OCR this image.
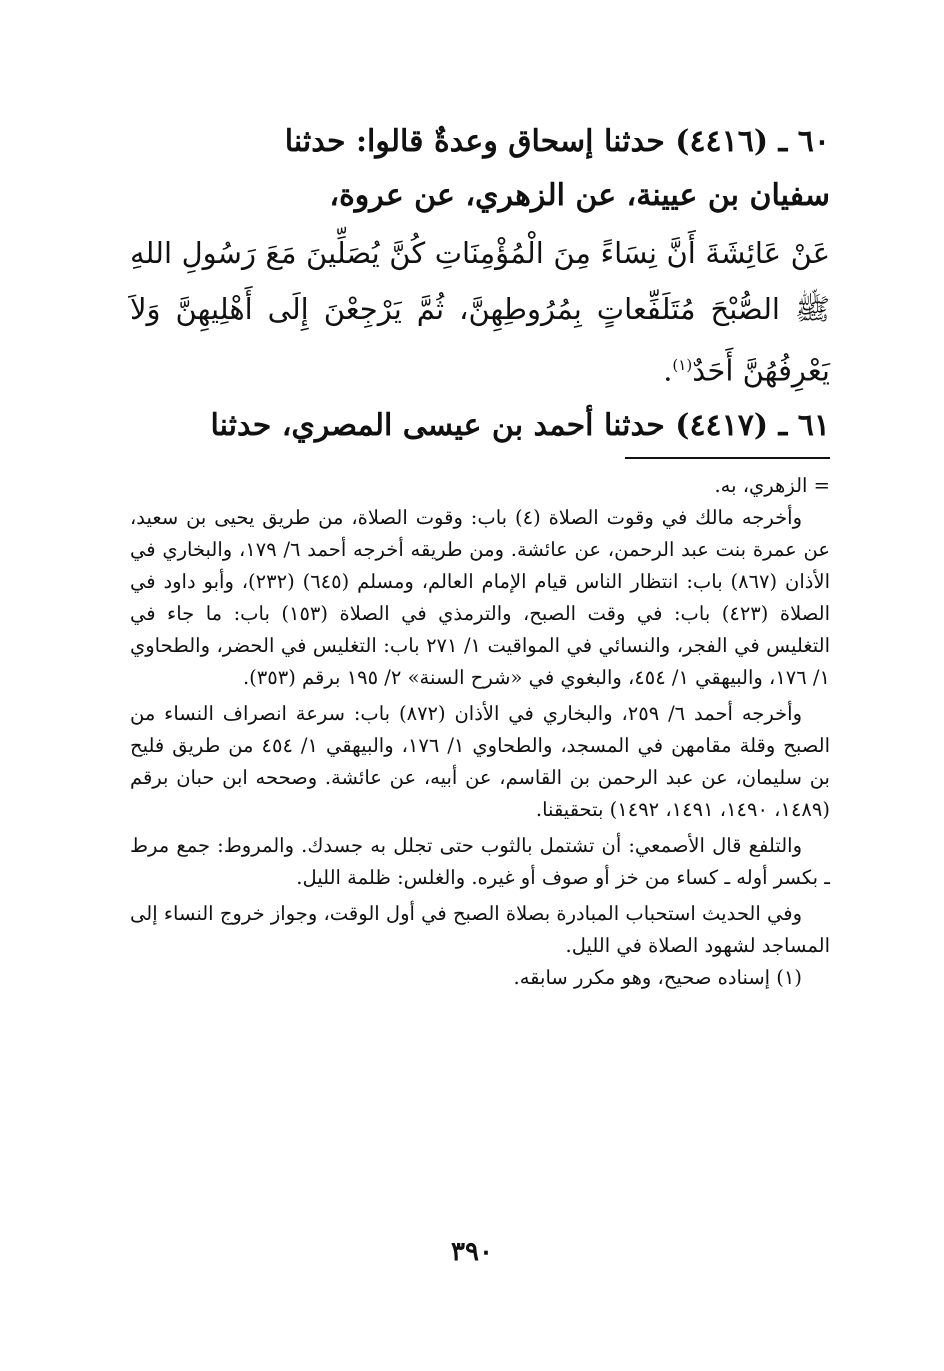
٦٠ ـ (٤٤١٦) حدثنا إسحاق وعدةٌ قالوا: حدثنا
سفيان بن عيينة، عن الزهري، عن عروة،
عَنْ عَائِشَةَ أَنَّ نِسَاءً مِنَ الْمُؤْمِنَاتِ كُنَّ يُصَلِّينَ مَعَ رَسُولِ اللهِ ﷺ الصُّبْحَ مُتَلَفِّعاتٍ بِمُرُوطِهِنَّ، ثُمَّ يَرْجِعْنَ إِلَى أَهْلِيهِنَّ وَلاَ يَعْرِفُهُنَّ أَحَدٌ$^{(١)}$.
٦١ ـ (٤٤١٧) حدثنا أحمد بن عيسى المصري، حدثنا

= الزهري، به.

وأخرجه مالك في وقوت الصلاة (٤) باب: وقوت الصلاة، من طريق يحيى بن سعيد، عن عمرة بنت عبد الرحمن، عن عائشة. ومن طريقه أخرجه أحمد ٦/ ١٧٩، والبخاري في الأذان (٨٦٧) باب: انتظار الناس قيام الإمام العالم، ومسلم (٦٤٥) (٢٣٢)، وأبو داود في الصلاة (٤٢٣) باب: في وقت الصبح، والترمذي في الصلاة (١٥٣) باب: ما جاء في التغليس في الفجر، والنسائي في المواقيت ١/ ٢٧١ باب: التغليس في الحضر، والطحاوي ١/ ١٧٦، والبيهقي ١/ ٤٥٤، والبغوي في «شرح السنة» ٢/ ١٩٥ برقم (٣٥٣).

وأخرجه أحمد ٦/ ٢٥٩، والبخاري في الأذان (٨٧٢) باب: سرعة انصراف النساء من الصبح وقلة مقامهن في المسجد، والطحاوي ١/ ١٧٦، والبيهقي ١/ ٤٥٤ من طريق فليح بن سليمان، عن عبد الرحمن بن القاسم، عن أبيه، عن عائشة. وصححه ابن حبان برقم (١٤٨٩، ١٤٩٠، ١٤٩١، ١٤٩٢) بتحقيقنا.

والتلفع قال الأصمعي: أن تشتمل بالثوب حتى تجلل به جسدك. والمروط: جمع مرط ـ بكسر أوله ـ كساء من خز أو صوف أو غيره. والغلس: ظلمة الليل.

وفي الحديث استحباب المبادرة بصلاة الصبح في أول الوقت، وجواز خروج النساء إلى المساجد لشهود الصلاة في الليل.

(١) إسناده صحيح، وهو مكرر سابقه.

٣٩٠
